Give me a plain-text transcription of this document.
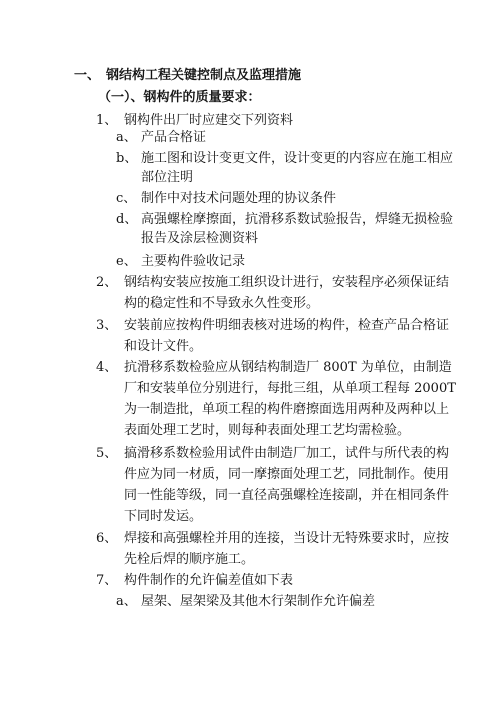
一、 钢结构工程关键控制点及监理措施
（一）、钢构件的质量要求：
1、 钢构件出厂时应建交下列资料
a、 产品合格证
b、 施工图和设计变更文件，设计变更的内容应在施工相应
部位注明
c、 制作中对技术问题处理的协议条件
d、 高强螺栓摩擦面，抗滑移系数试验报告，焊缝无损检验
报告及涂层检测资料
e、 主要构件验收记录
2、 钢结构安装应按施工组织设计进行，安装程序必须保证结
构的稳定性和不导致永久性变形。
3、 安装前应按构件明细表核对进场的构件，检查产品合格证
和设计文件。
4、 抗滑移系数检验应从钢结构制造厂 800T 为单位，由制造
厂和安装单位分别进行，每批三组，从单项工程每 2000T
为一制造批，单项工程的构件磨擦面选用两种及两种以上
表面处理工艺时，则每种表面处理工艺均需检验。
5、 搞滑移系数检验用试件由制造厂加工，试件与所代表的构
件应为同一材质，同一摩擦面处理工艺，同批制作。使用
同一性能等级，同一直径高强螺栓连接副，并在相同条件
下同时发运。
6、 焊接和高强螺栓并用的连接，当设计无特殊要求时，应按
先栓后焊的顺序施工。
7、 构件制作的允许偏差值如下表
a、 屋架、屋架梁及其他木行架制作允许偏差
